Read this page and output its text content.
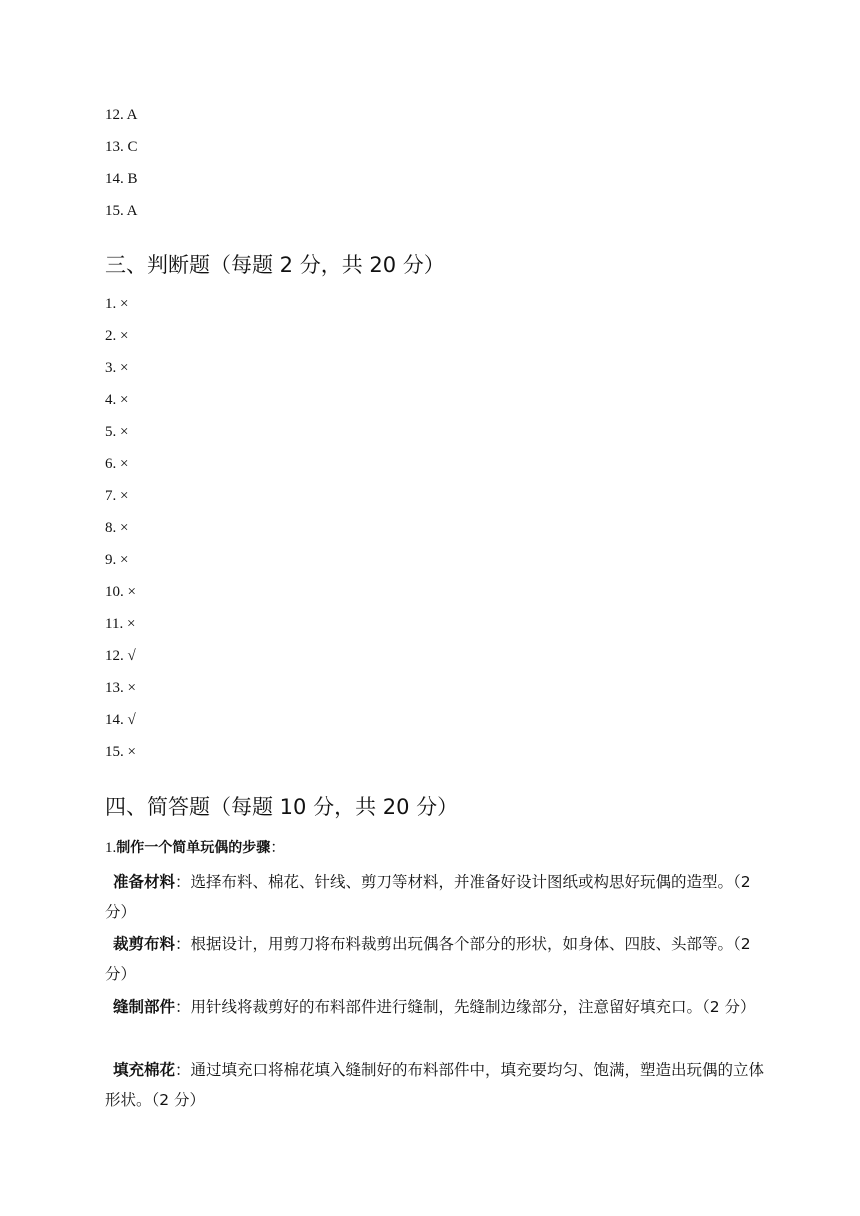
12. A
13. C
14. B
15. A
三、判断题（每题 2 分，共 20 分）
1. ×
2. ×
3. ×
4. ×
5. ×
6. ×
7. ×
8. ×
9. ×
10. ×
11. ×
12. √
13. ×
14. √
15. ×
四、简答题（每题 10 分，共 20 分）
1.制作一个简单玩偶的步骤：
准备材料：选择布料、棉花、针线、剪刀等材料，并准备好设计图纸或构思好玩偶的造型。（2 分）
裁剪布料：根据设计，用剪刀将布料裁剪出玩偶各个部分的形状，如身体、四肢、头部等。（2 分）
缝制部件：用针线将裁剪好的布料部件进行缝制，先缝制边缘部分，注意留好填充口。（2 分）
填充棉花：通过填充口将棉花填入缝制好的布料部件中，填充要均匀、饱满，塑造出玩偶的立体形状。（2 分）
